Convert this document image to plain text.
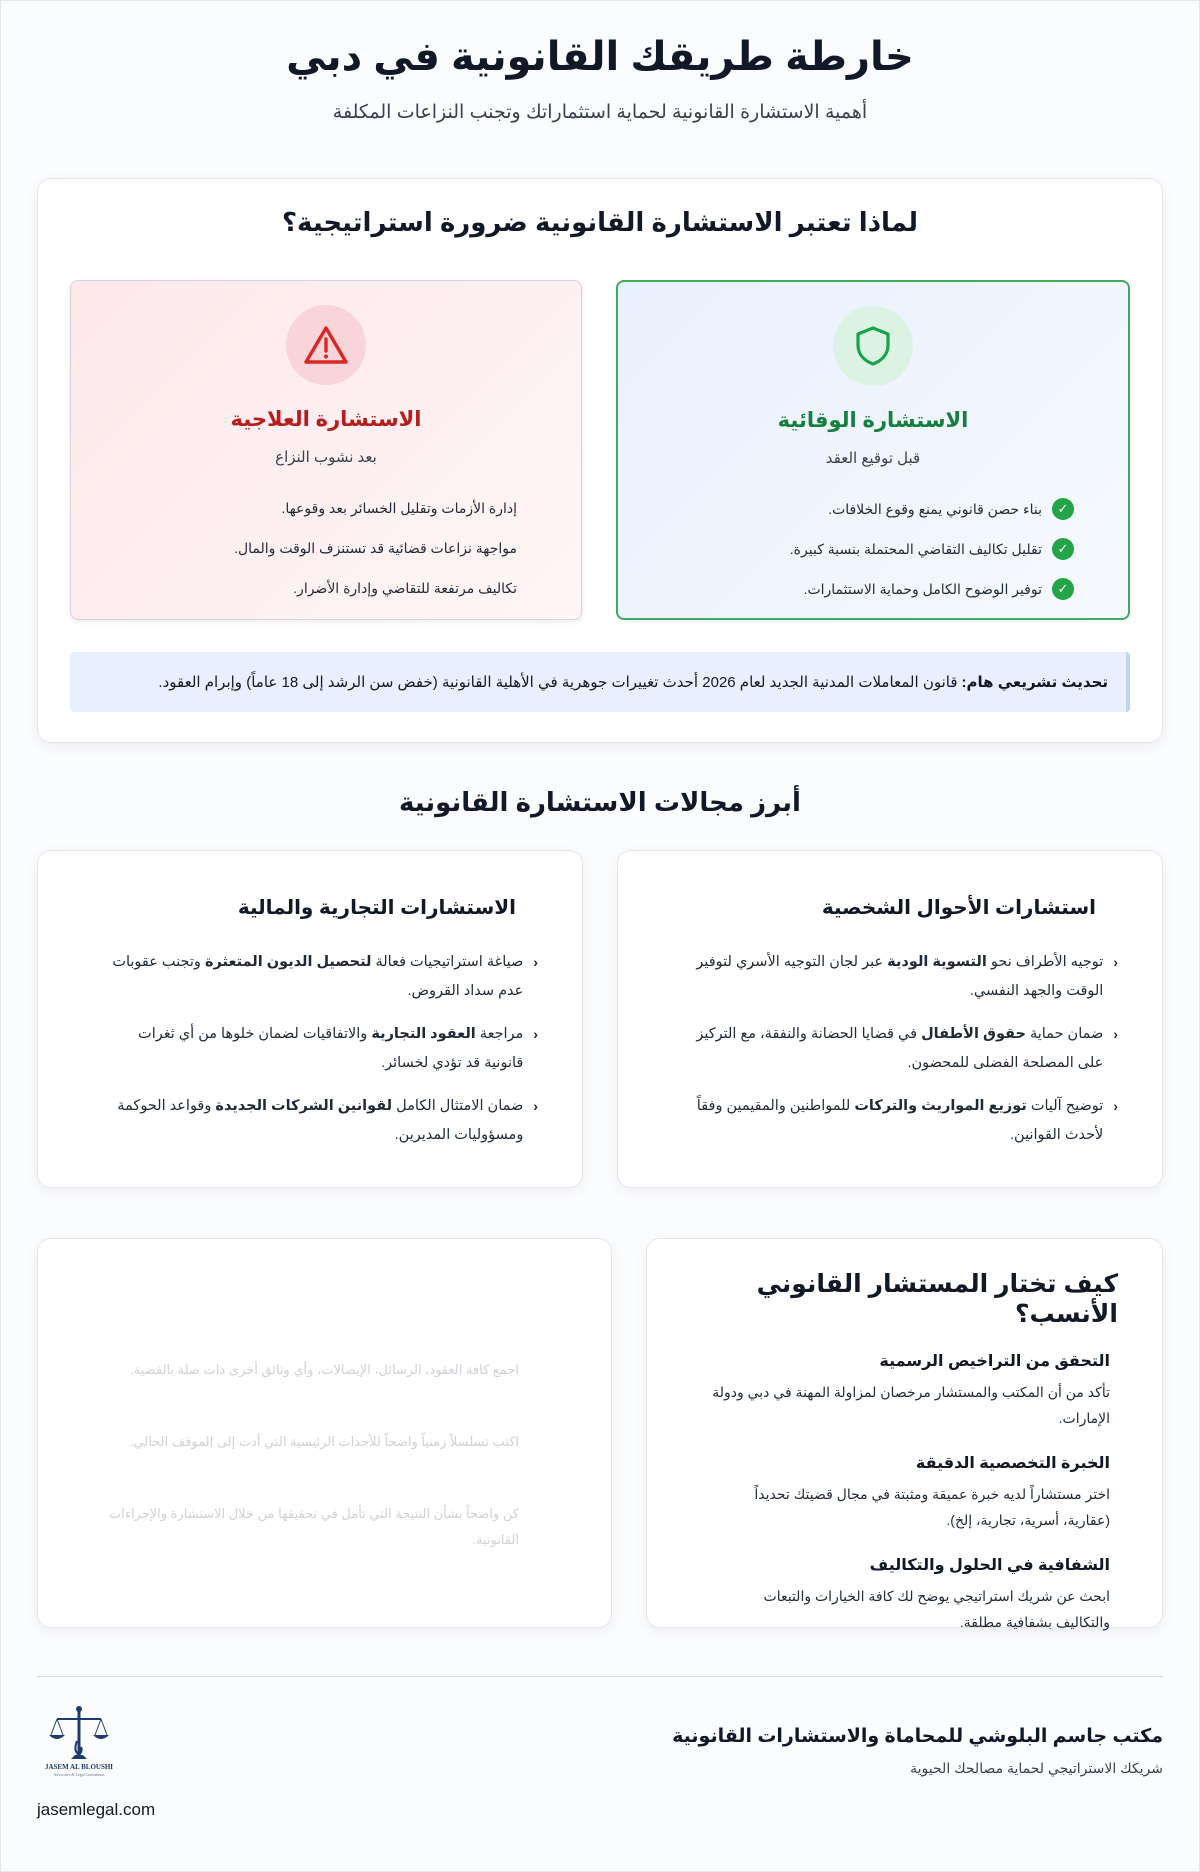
خارطة طريقك القانونية في دبي

أهمية الاستشارة القانونية لحماية استثماراتك وتجنب النزاعات المكلفة

لماذا تعتبر الاستشارة القانونية ضرورة استراتيجية؟
الاستشارة الوقائية
قبل توقيع العقد
✓
بناء حصن قانوني يمنع وقوع الخلافات.
✓
تقليل تكاليف التقاضي المحتملة بنسبة كبيرة.
✓
توفير الوضوح الكامل وحماية الاستثمارات.
الاستشارة العلاجية
بعد نشوب النزاع
إدارة الأزمات وتقليل الخسائر بعد وقوعها.
مواجهة نزاعات قضائية قد تستنزف الوقت والمال.
تكاليف مرتفعة للتقاضي وإدارة الأضرار.
تحديث تشريعي هام:
قانون المعاملات المدنية الجديد لعام 2026 أحدث تغييرات جوهرية في الأهلية القانونية (خفض سن الرشد إلى 18 عاماً) وإبرام العقود.
أبرز مجالات الاستشارة القانونية
استشارات الأحوال الشخصية
‹
توجيه الأطراف نحو التسوية الودية عبر لجان التوجيه الأسري لتوفير الوقت والجهد النفسي.
‹
ضمان حماية حقوق الأطفال في قضايا الحضانة والنفقة، مع التركيز على المصلحة الفضلى للمحضون.
‹
توضيح آليات توزيع المواريث والتركات للمواطنين والمقيمين وفقاً لأحدث القوانين.
الاستشارات التجارية والمالية
‹
صياغة استراتيجيات فعالة لتحصيل الديون المتعثرة وتجنب عقوبات عدم سداد القروض.
‹
مراجعة العقود التجارية والاتفاقيات لضمان خلوها من أي ثغرات قانونية قد تؤدي لخسائر.
‹
ضمان الامتثال الكامل لقوانين الشركات الجديدة وقواعد الحوكمة ومسؤوليات المديرين.
كيف تختار المستشار القانوني الأنسب؟
التحقق من التراخيص الرسمية

تأكد من أن المكتب والمستشار مرخصان لمزاولة المهنة في دبي ودولة الإمارات.

الخبرة التخصصية الدقيقة

اختر مستشاراً لديه خبرة عميقة ومثبتة في مجال قضيتك تحديداً (عقارية، أسرية، تجارية، إلخ).

الشفافية في الحلول والتكاليف

ابحث عن شريك استراتيجي يوضح لك كافة الخيارات والتبعات والتكاليف بشفافية مطلقة.

اجمع كافة العقود، الرسائل، الإيصالات، وأي وثائق أخرى ذات صلة بالقضية.

اكتب تسلسلاً زمنياً واضحاً للأحداث الرئيسية التي أدت إلى الموقف الحالي.

كن واضحاً بشأن النتيجة التي تأمل في تحقيقها من خلال الاستشارة والإجراءات القانونية.

مكتب جاسم البلوشي للمحاماة والاستشارات القانونية

شريكك الاستراتيجي لحماية مصالحك الحيوية

JASEM AL BLOUSHI
Advocates & Legal Consultants
jasemlegal.com
